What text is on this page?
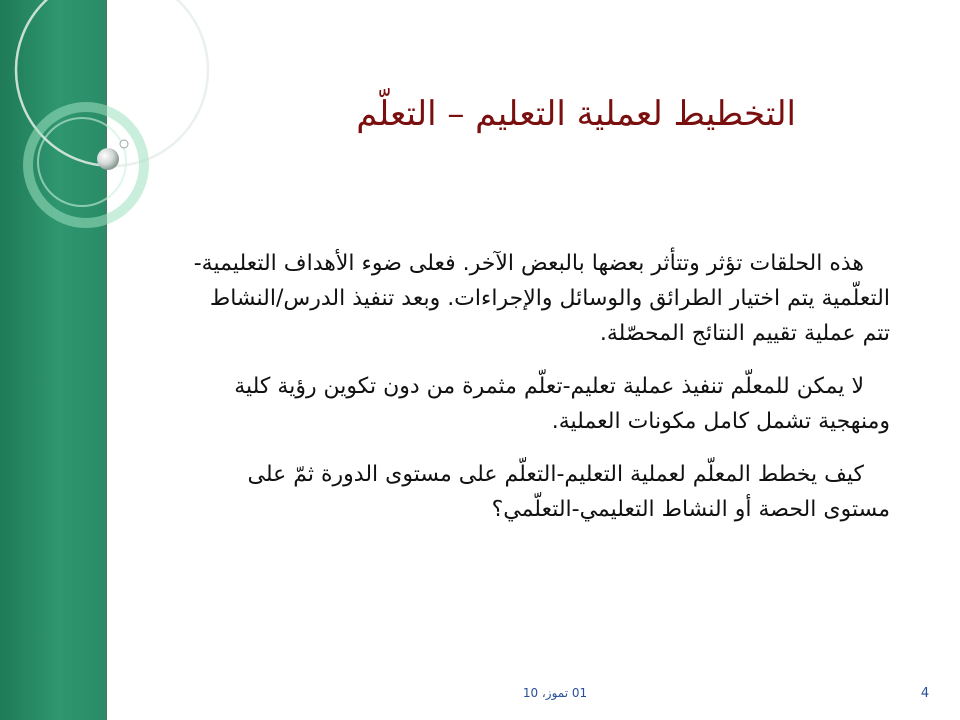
التخطيط لعملية التعليم – التعلّم

هذه الحلقات تؤثر وتتأثر بعضها بالبعض الآخر. فعلى ضوء الأهداف التعليمية-التعلّمية يتم اختيار الطرائق والوسائل والإجراءات. وبعد تنفيذ الدرس/النشاط تتم عملية تقييم النتائج المحصّلة.

لا يمكن للمعلّم تنفيذ عملية تعليم-تعلّم مثمرة من دون تكوين رؤية كلية ومنهجية تشمل كامل مكونات العملية.

كيف يخطط المعلّم لعملية التعليم-التعلّم على مستوى الدورة ثمّ على مستوى الحصة أو النشاط التعليمي-التعلّمي؟

01 تموز، 10	4
